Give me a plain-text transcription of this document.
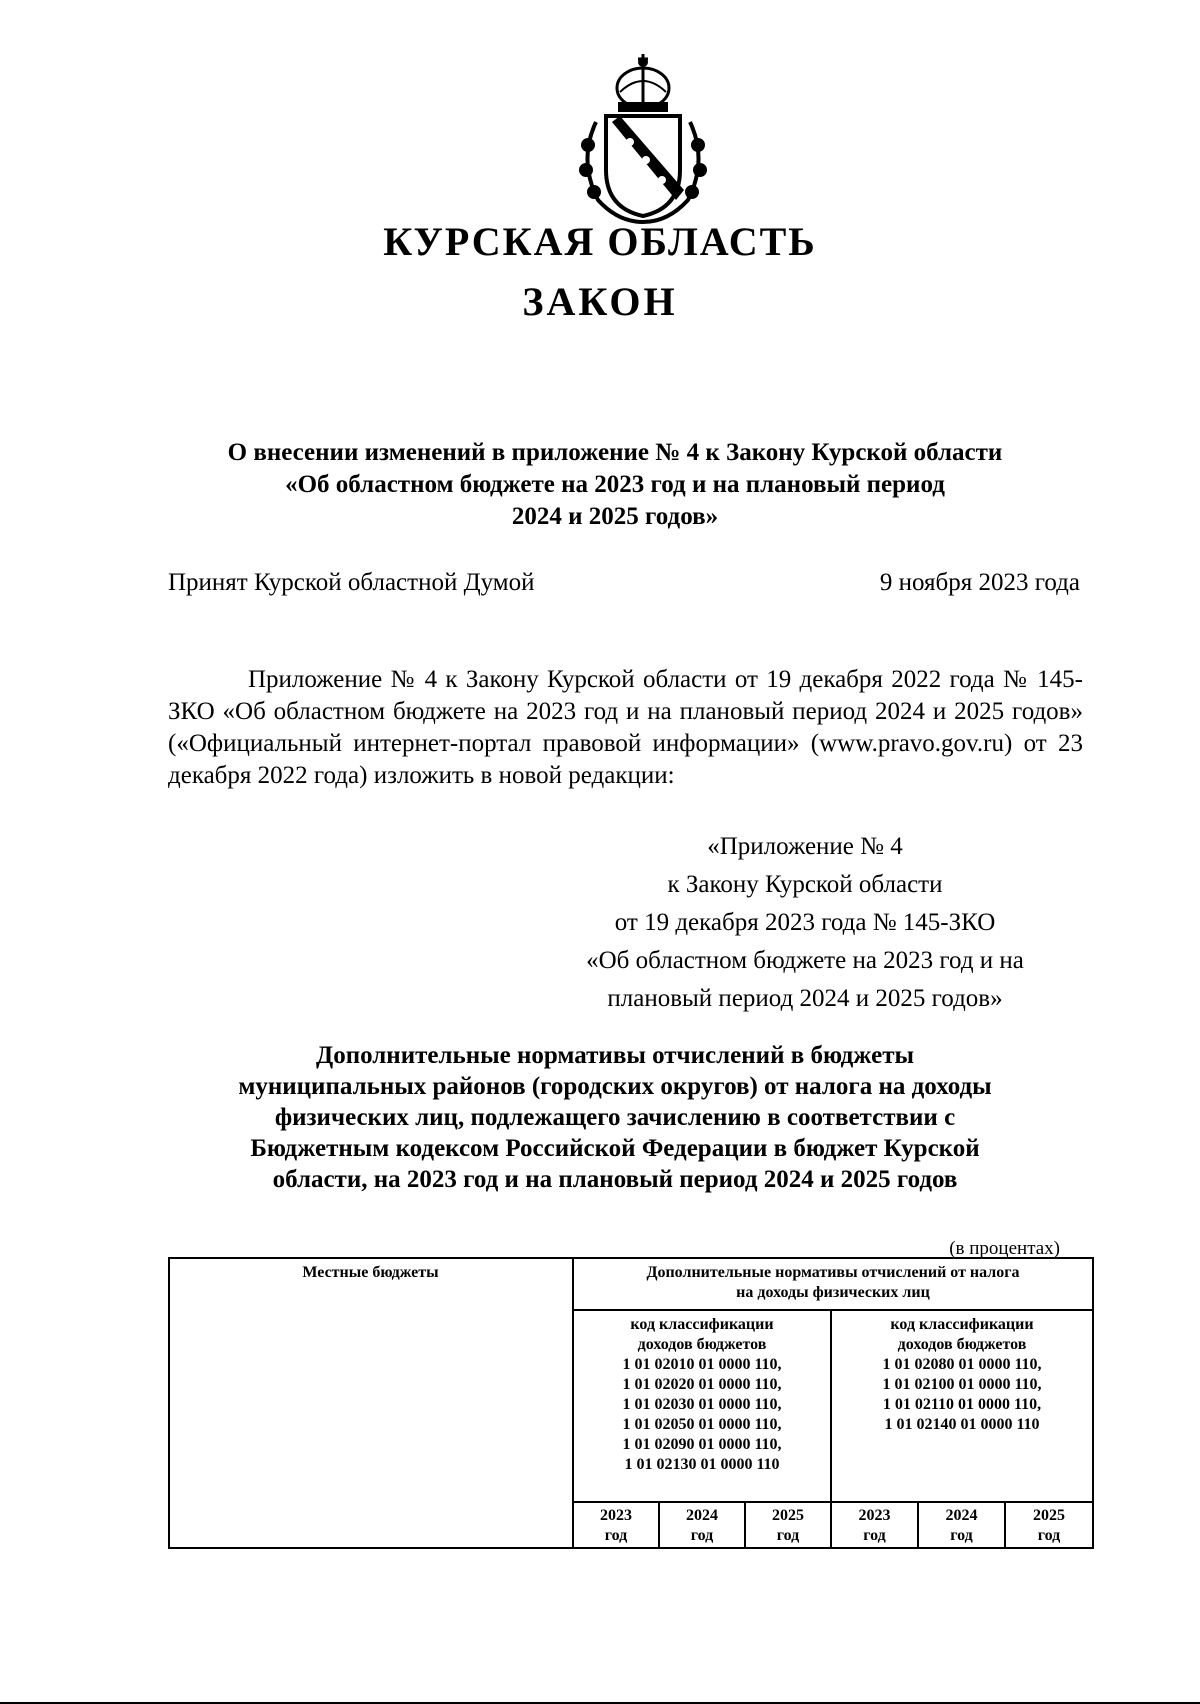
КУРСКАЯ ОБЛАСТЬ
ЗАКОН
О внесении изменений в приложение № 4 к Закону Курской области
«Об областном бюджете на 2023 год и на плановый период
2024 и 2025 годов»
Принят Курской областной Думой	9 ноября 2023 года
Приложение № 4 к Закону Курской области от 19 декабря 2022 года № 145-ЗКО «Об областном бюджете на 2023 год и на плановый период 2024 и 2025 годов» («Официальный интернет-портал правовой информации» (www.pravo.gov.ru) от 23 декабря 2022 года) изложить в новой редакции:
«Приложение № 4
к Закону Курской области
от 19 декабря 2023 года № 145-ЗКО
«Об областном бюджете на 2023 год и на
плановый период 2024 и 2025 годов»
Дополнительные нормативы отчислений в бюджеты
муниципальных районов (городских округов) от налога на доходы
физических лиц, подлежащего зачислению в соответствии с
Бюджетным кодексом Российской Федерации в бюджет Курской
области, на 2023 год и на плановый период 2024 и 2025 годов
(в процентах)
Местные бюджеты	Дополнительные нормативы отчислений от налога
на доходы физических лиц
код классификации
доходов бюджетов
1 01 02010 01 0000 110,
1 01 02020 01 0000 110,
1 01 02030 01 0000 110,
1 01 02050 01 0000 110,
1 01 02090 01 0000 110,
1 01 02130 01 0000 110
код классификации
доходов бюджетов
1 01 02080 01 0000 110,
1 01 02100 01 0000 110,
1 01 02110 01 0000 110,
1 01 02140 01 0000 110
2023
год
2024
год
2025
год
2023
год
2024
год
2025
год
